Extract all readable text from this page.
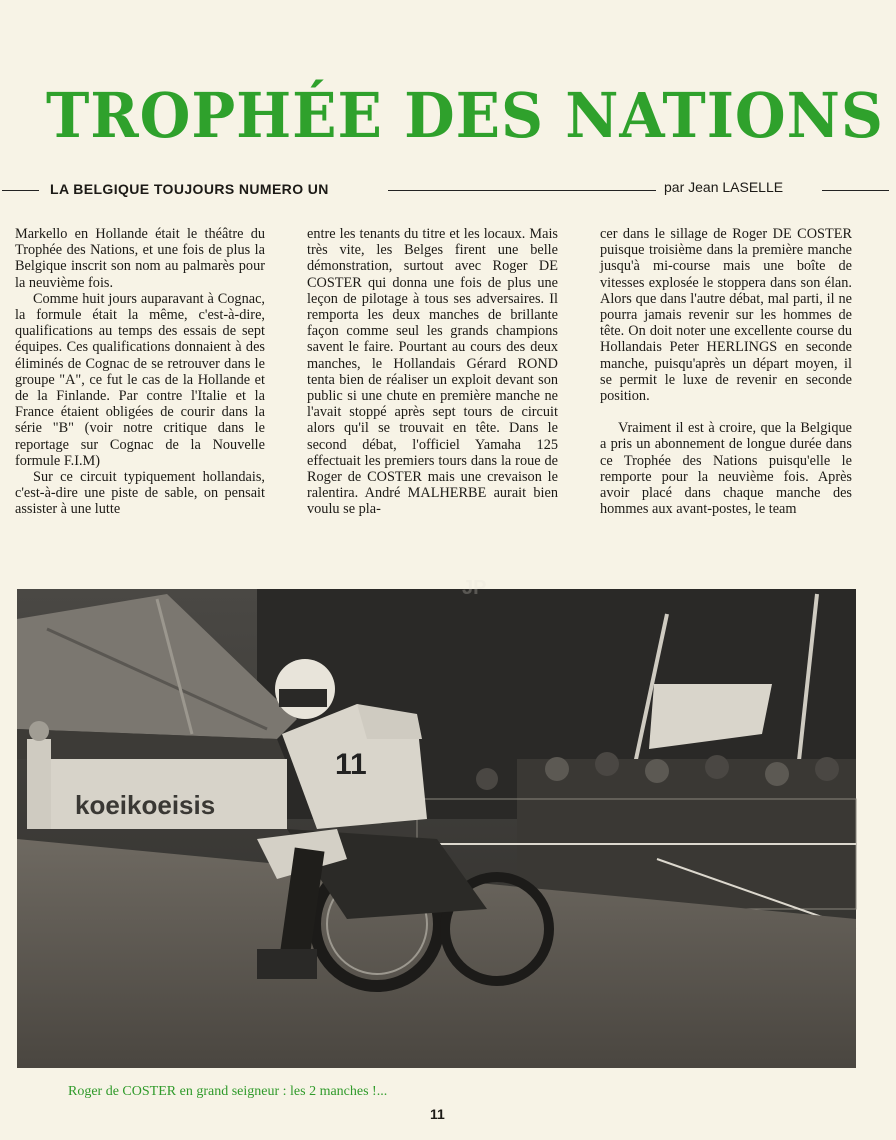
TROPHÉE DES NATIONS
LA BELGIQUE TOUJOURS NUMERO UN	par Jean LASELLE

Markello en Hollande était le théâtre du Trophée des Nations, et une fois de plus la Belgique inscrit son nom au palmarès pour la neuvième fois.

Comme huit jours auparavant à Cognac, la formule était la même, c'est-à-dire, qualifications au temps des essais de sept équipes. Ces qualifications donnaient à des éliminés de Cognac de se retrouver dans le groupe "A", ce fut le cas de la Hollande et de la Finlande. Par contre l'Italie et la France étaient obligées de courir dans la série "B" (voir notre critique dans le reportage sur Cognac de la Nouvelle formule F.I.M)

Sur ce circuit typiquement hollandais, c'est-à-dire une piste de sable, on pensait assister à une lutte

entre les tenants du titre et les locaux. Mais très vite, les Belges firent une belle démonstration, surtout avec Roger DE COSTER qui donna une fois de plus une leçon de pilotage à tous ses adversaires. Il remporta les deux manches de brillante façon comme seul les grands champions savent le faire. Pourtant au cours des deux manches, le Hollandais Gérard ROND tenta bien de réaliser un exploit devant son public si une chute en première manche ne l'avait stoppé après sept tours de circuit alors qu'il se trouvait en tête. Dans le second débat, l'officiel Yamaha 125 effectuait les premiers tours dans la roue de Roger de COSTER mais une crevaison le ralentira. André MALHERBE aurait bien voulu se pla-

cer dans le sillage de Roger DE COSTER puisque troisième dans la première manche jusqu'à mi-course mais une boîte de vitesses explosée le stoppera dans son élan. Alors que dans l'autre débat, mal parti, il ne pourra jamais revenir sur les hommes de tête. On doit noter une excellente course du Hollandais Peter HERLINGS en seconde manche, puisqu'après un départ moyen, il se permit le luxe de revenir en seconde position.

Vraiment il est à croire, que la Belgique a pris un abonnement de longue durée dans ce Trophée des Nations puisqu'elle le remporte pour la neuvième fois. Après avoir placé dans chaque manche des hommes aux avant-postes, le team

koeikoeisis
11
JP
Roger de COSTER en grand seigneur : les 2 manches !...
11
